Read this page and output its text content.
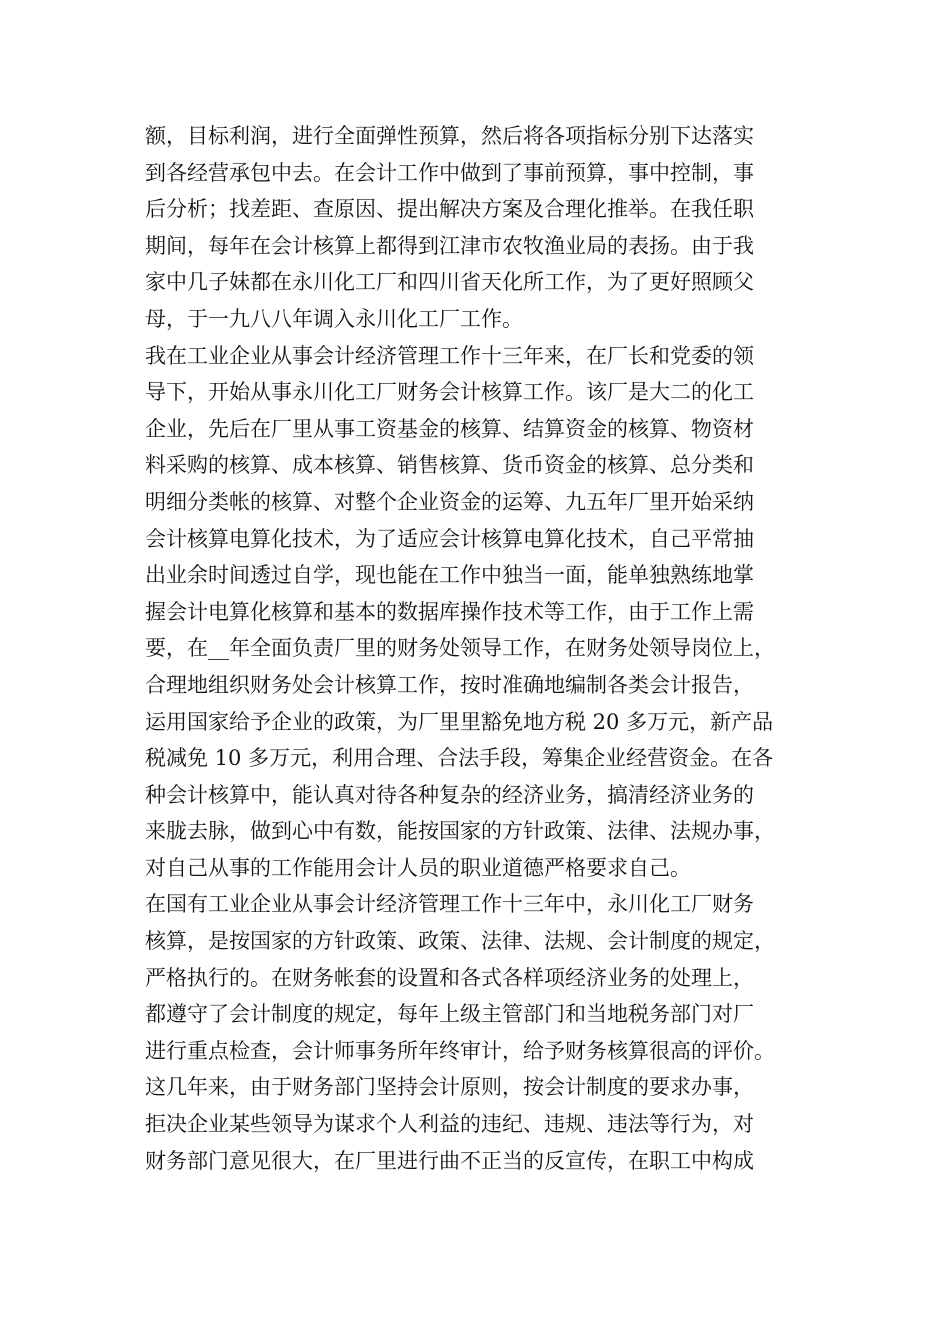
额，目标利润，进行全面弹性预算，然后将各项指标分别下达落实
到各经营承包中去。在会计工作中做到了事前预算，事中控制，事
后分析；找差距、查原因、提出解决方案及合理化推举。在我任职
期间，每年在会计核算上都得到江津市农牧渔业局的表扬。由于我
家中几子妹都在永川化工厂和四川省天化所工作，为了更好照顾父
母，于一九八八年调入永川化工厂工作。
我在工业企业从事会计经济管理工作十三年来，在厂长和党委的领
导下，开始从事永川化工厂财务会计核算工作。该厂是大二的化工
企业，先后在厂里从事工资基金的核算、结算资金的核算、物资材
料采购的核算、成本核算、销售核算、货币资金的核算、总分类和
明细分类帐的核算、对整个企业资金的运筹、九五年厂里开始采纳
会计核算电算化技术，为了适应会计核算电算化技术，自己平常抽
出业余时间透过自学，现也能在工作中独当一面，能单独熟练地掌
握会计电算化核算和基本的数据库操作技术等工作，由于工作上需
要，在__年全面负责厂里的财务处领导工作，在财务处领导岗位上，
合理地组织财务处会计核算工作，按时准确地编制各类会计报告，
运用国家给予企业的政策，为厂里里豁免地方税 20 多万元，新产品
税减免 10 多万元，利用合理、合法手段，筹集企业经营资金。在各
种会计核算中，能认真对待各种复杂的经济业务，搞清经济业务的
来胧去脉，做到心中有数，能按国家的方针政策、法律、法规办事，
对自己从事的工作能用会计人员的职业道德严格要求自己。
在国有工业企业从事会计经济管理工作十三年中，永川化工厂财务
核算，是按国家的方针政策、政策、法律、法规、会计制度的规定，
严格执行的。在财务帐套的设置和各式各样项经济业务的处理上，
都遵守了会计制度的规定，每年上级主管部门和当地税务部门对厂
进行重点检查，会计师事务所年终审计，给予财务核算很高的评价。
这几年来，由于财务部门坚持会计原则，按会计制度的要求办事，
拒决企业某些领导为谋求个人利益的违纪、违规、违法等行为，对
财务部门意见很大，在厂里进行曲不正当的反宣传，在职工中构成
